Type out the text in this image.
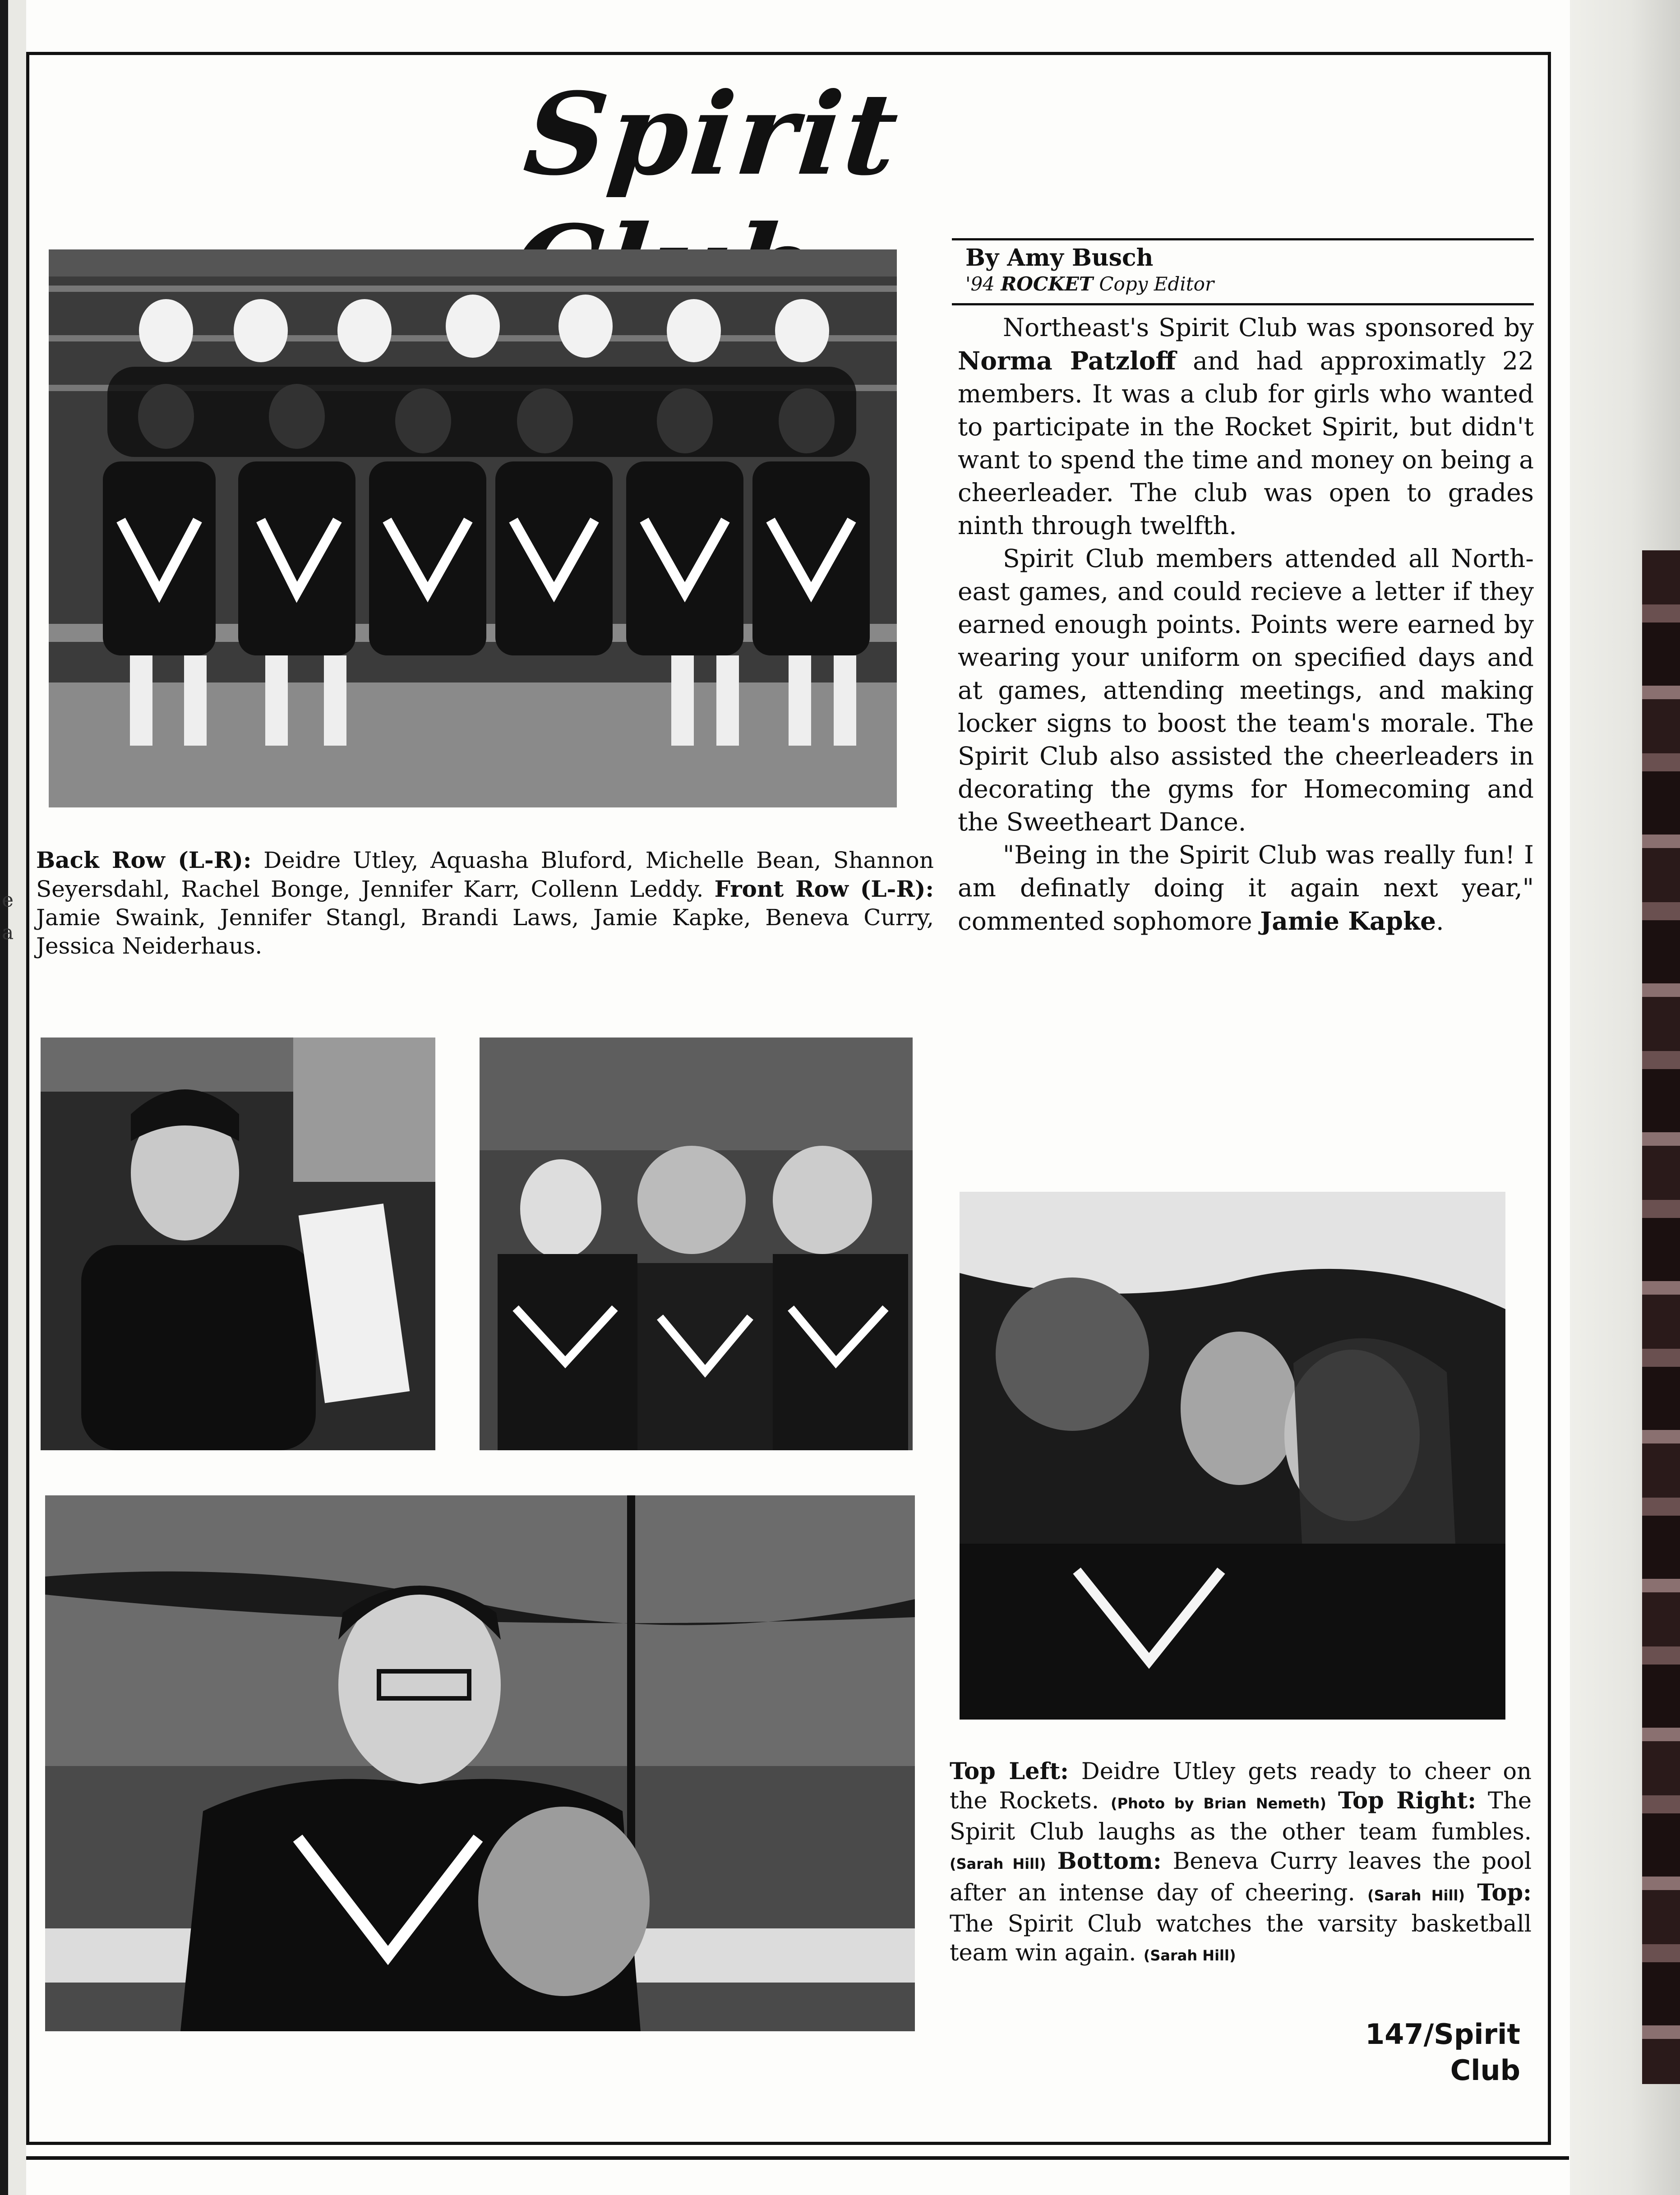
e
a
Spirit
Back Row (L-R): Deidre Utley, Aquasha Bluford, Michelle Bean, Shannon Seyersdahl, Rachel Bonge, Jennifer Karr, Collenn Leddy. Front Row (L-R): Jamie Swaink, Jennifer Stangl, Brandi Laws, Jamie Kapke, Beneva Curry, Jessica Neiderhaus.
By Amy Busch
'94 ROCKET Copy Editor

Northeast's Spirit Club was sponsored by Norma Patzloff and had approximatly 22 members. It was a club for girls who wanted to participate in the Rocket Spirit, but didn't want to spend the time and money on being a cheerleader. The club was open to grades ninth through twelfth.

Spirit Club members attended all North-east games, and could recieve a letter if they earned enough points. Points were earned by wearing your uniform on specified days and at games, attending meetings, and making locker signs to boost the team's morale. The Spirit Club also assisted the cheerleaders in decorating the gyms for Homecoming and the Sweetheart Dance.

"Being in the Spirit Club was really fun! I am definatly doing it again next year," commented sophomore Jamie Kapke.

Top Left: Deidre Utley gets ready to cheer on the Rockets. (Photo by Brian Nemeth) Top Right: The Spirit Club laughs as the other team fumbles. (Sarah Hill) Bottom: Beneva Curry leaves the pool after an intense day of cheering. (Sarah Hill) Top: The Spirit Club watches the varsity basketball team win again. (Sarah Hill)
147/Spirit Club
